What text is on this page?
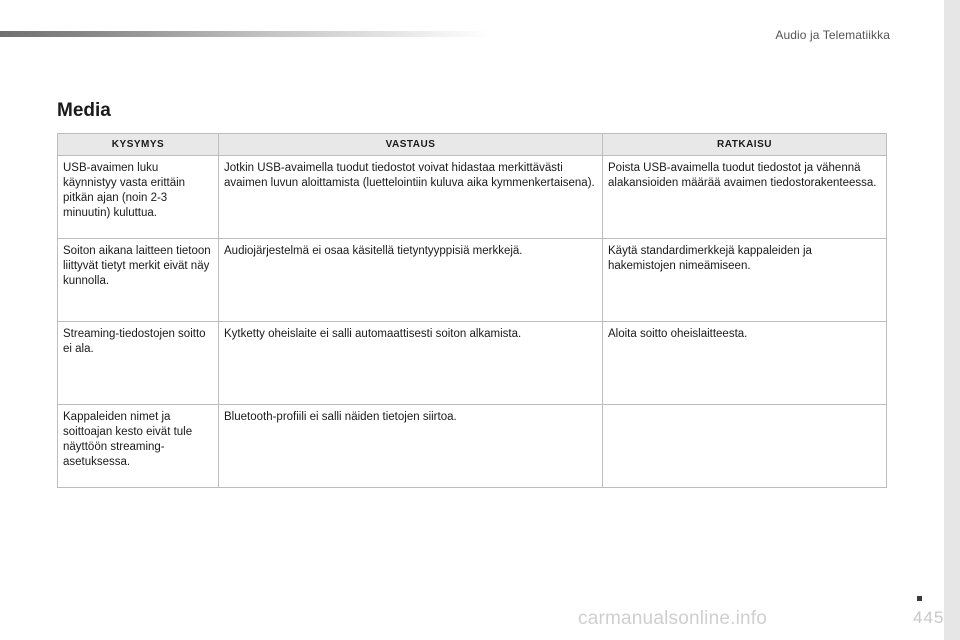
Audio ja Telematiikka
Media
KYSYMYS	VASTAUS	RATKAISU
USB-avaimen luku käynnistyy vasta erittäin pitkän ajan (noin 2-3 minuutin) kuluttua.	Jotkin USB-avaimella tuodut tiedostot voivat hidastaa merkittävästi avaimen luvun aloittamista (luettelointiin kuluva aika kymmenkertaisena).	Poista USB-avaimella tuodut tiedostot ja vähennä alakansioiden määrää avaimen tiedostorakenteessa.
Soiton aikana laitteen tietoon liittyvät tietyt merkit eivät näy kunnolla.	Audiojärjestelmä ei osaa käsitellä tietyntyyppisiä merkkejä.	Käytä standardimerkkejä kappaleiden ja hakemistojen nimeämiseen.
Streaming-tiedostojen soitto ei ala.	Kytketty oheislaite ei salli automaattisesti soiton alkamista.	Aloita soitto oheislaitteesta.
Kappaleiden nimet ja soittoajan kesto eivät tule näyttöön streaming-asetuksessa.	Bluetooth-profiili ei salli näiden tietojen siirtoa.	
carmanualsonline.info	445
